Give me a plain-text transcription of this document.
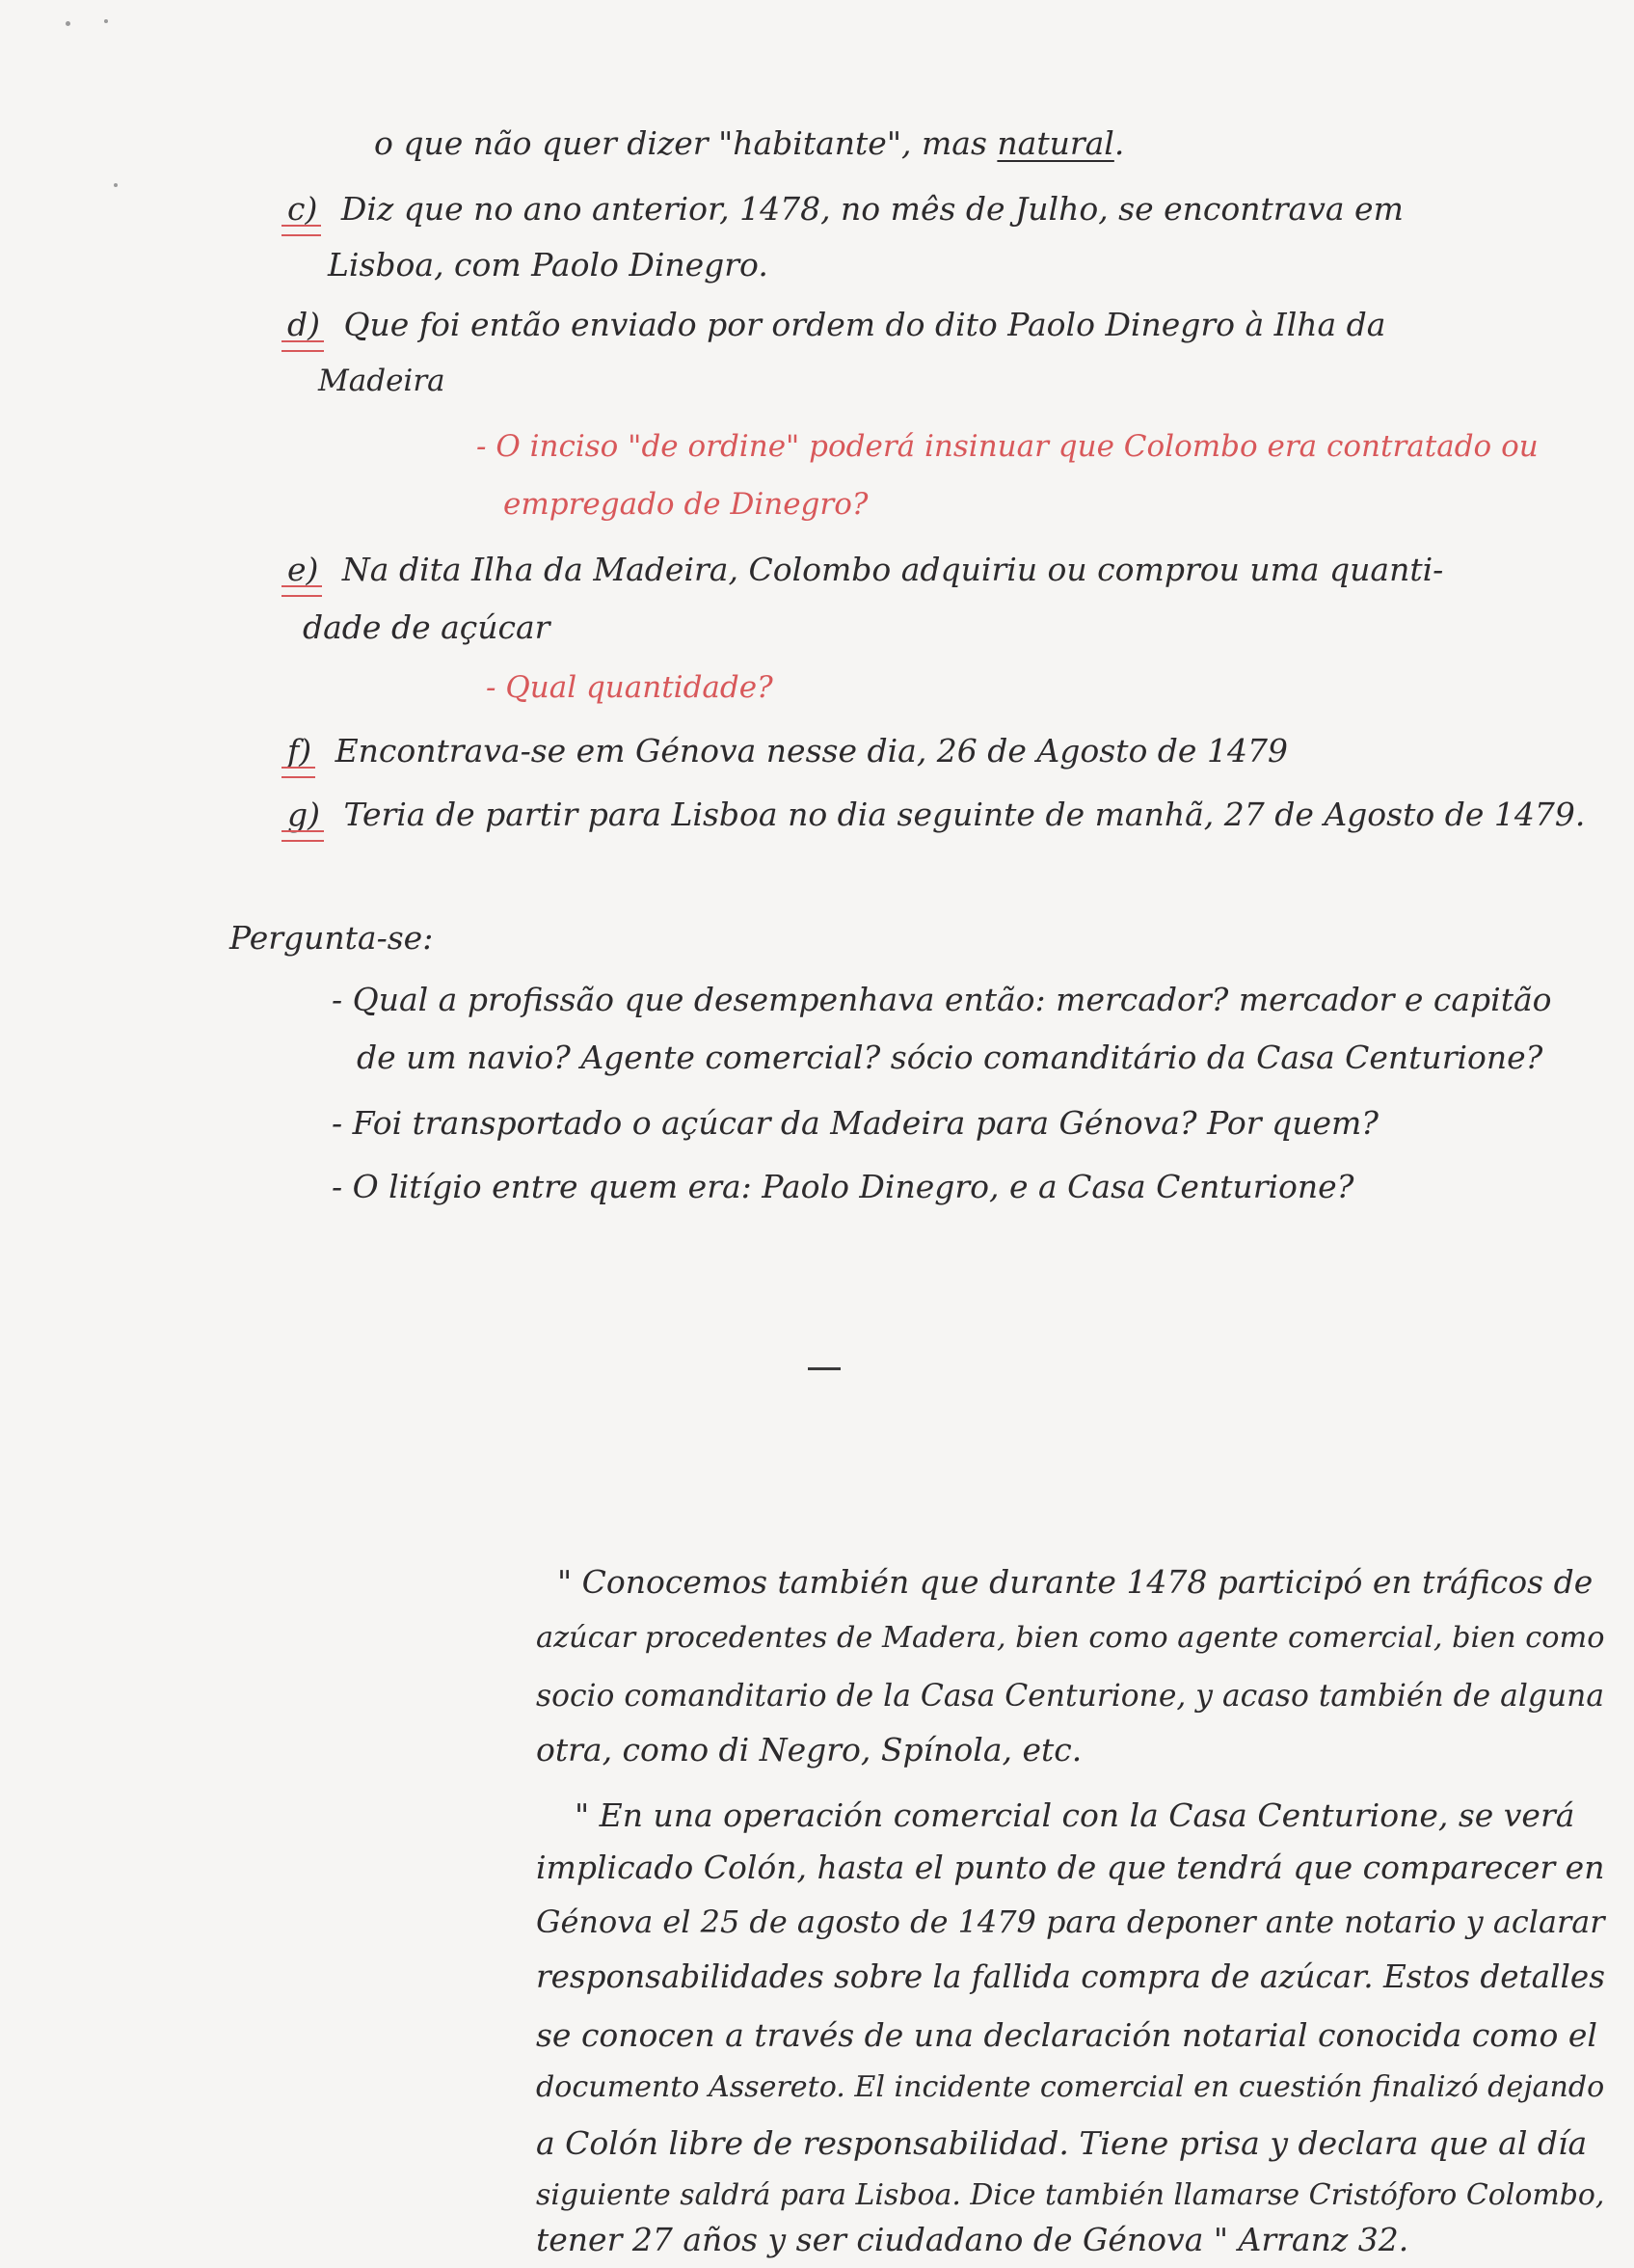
o que não quer dizer "habitante", mas natural.
c) Diz que no ano anterior, 1478, no mês de Julho, se encontrava em
Lisboa, com Paolo Dinegro.
d) Que foi então enviado por ordem do dito Paolo Dinegro à Ilha da
Madeira
- O inciso "de ordine" poderá insinuar que Colombo era contratado ou
empregado de Dinegro?
e) Na dita Ilha da Madeira, Colombo adquiriu ou comprou uma quanti-
dade de açúcar
- Qual quantidade?
f) Encontrava-se em Génova nesse dia, 26 de Agosto de 1479
g) Teria de partir para Lisboa no dia seguinte de manhã, 27 de Agosto de 1479.
Pergunta-se:
- Qual a profissão que desempenhava então: mercador? mercador e capitão
de um navio? Agente comercial? sócio comanditário da Casa Centurione?
- Foi transportado o açúcar da Madeira para Génova? Por quem?
- O litígio entre quem era: Paolo Dinegro, e a Casa Centurione?
" Conocemos también que durante 1478 participó en tráficos de
azúcar procedentes de Madera, bien como agente comercial, bien como
socio comanditario de la Casa Centurione, y acaso también de alguna
otra, como di Negro, Spínola, etc.
" En una operación comercial con la Casa Centurione, se verá
implicado Colón, hasta el punto de que tendrá que comparecer en
Génova el 25 de agosto de 1479 para deponer ante notario y aclarar
responsabilidades sobre la fallida compra de azúcar. Estos detalles
se conocen a través de una declaración notarial conocida como el
documento Assereto. El incidente comercial en cuestión finalizó dejando
a Colón libre de responsabilidad. Tiene prisa y declara que al día
siguiente saldrá para Lisboa. Dice también llamarse Cristóforo Colombo,
tener 27 años y ser ciudadano de Génova " Arranz 32.
